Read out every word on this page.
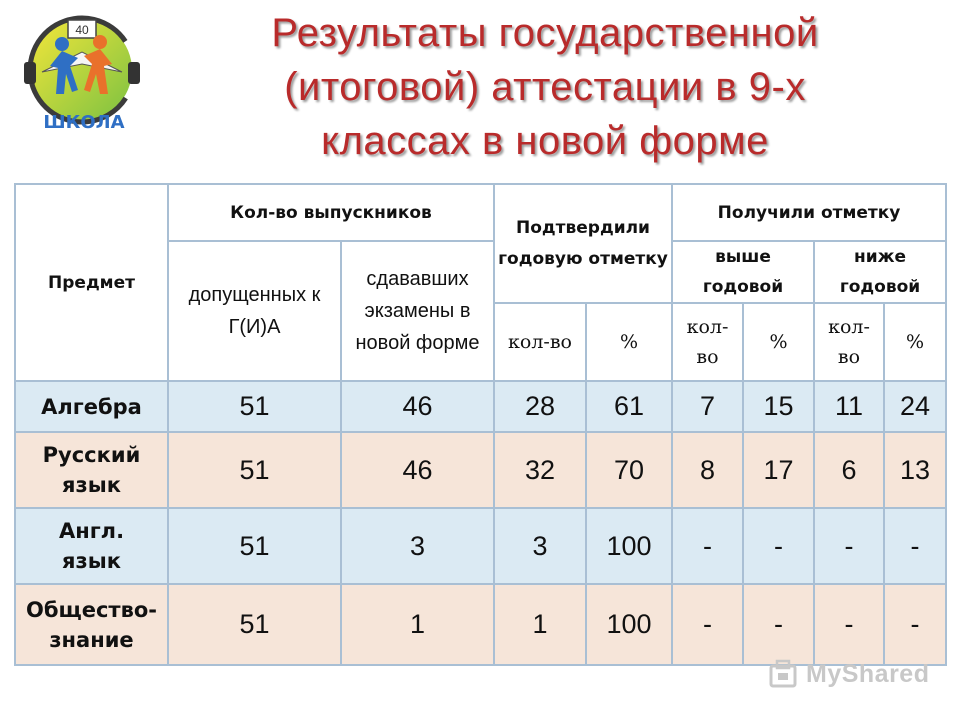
40
ШКОЛА
Результаты государственной
(итоговой) аттестации в 9-х
классах в новой форме
Предмет	Кол-во выпускников		Подтвердили годовую отметку		Получили отметку			
	допущенных к Г(И)А	сдававших экзамены в новой форме			выше годовой		ниже годовой	
			кол-во	%	кол-во	%	кол-во	%
Алгебра	51	46	28	61	7	15	11	24
Русский язык	51	46	32	70	8	17	6	13
Англ. язык	51	3	3	100	-	-	-	-
Общество-знание	51	1	1	100	-	-	-	-
MyShared
